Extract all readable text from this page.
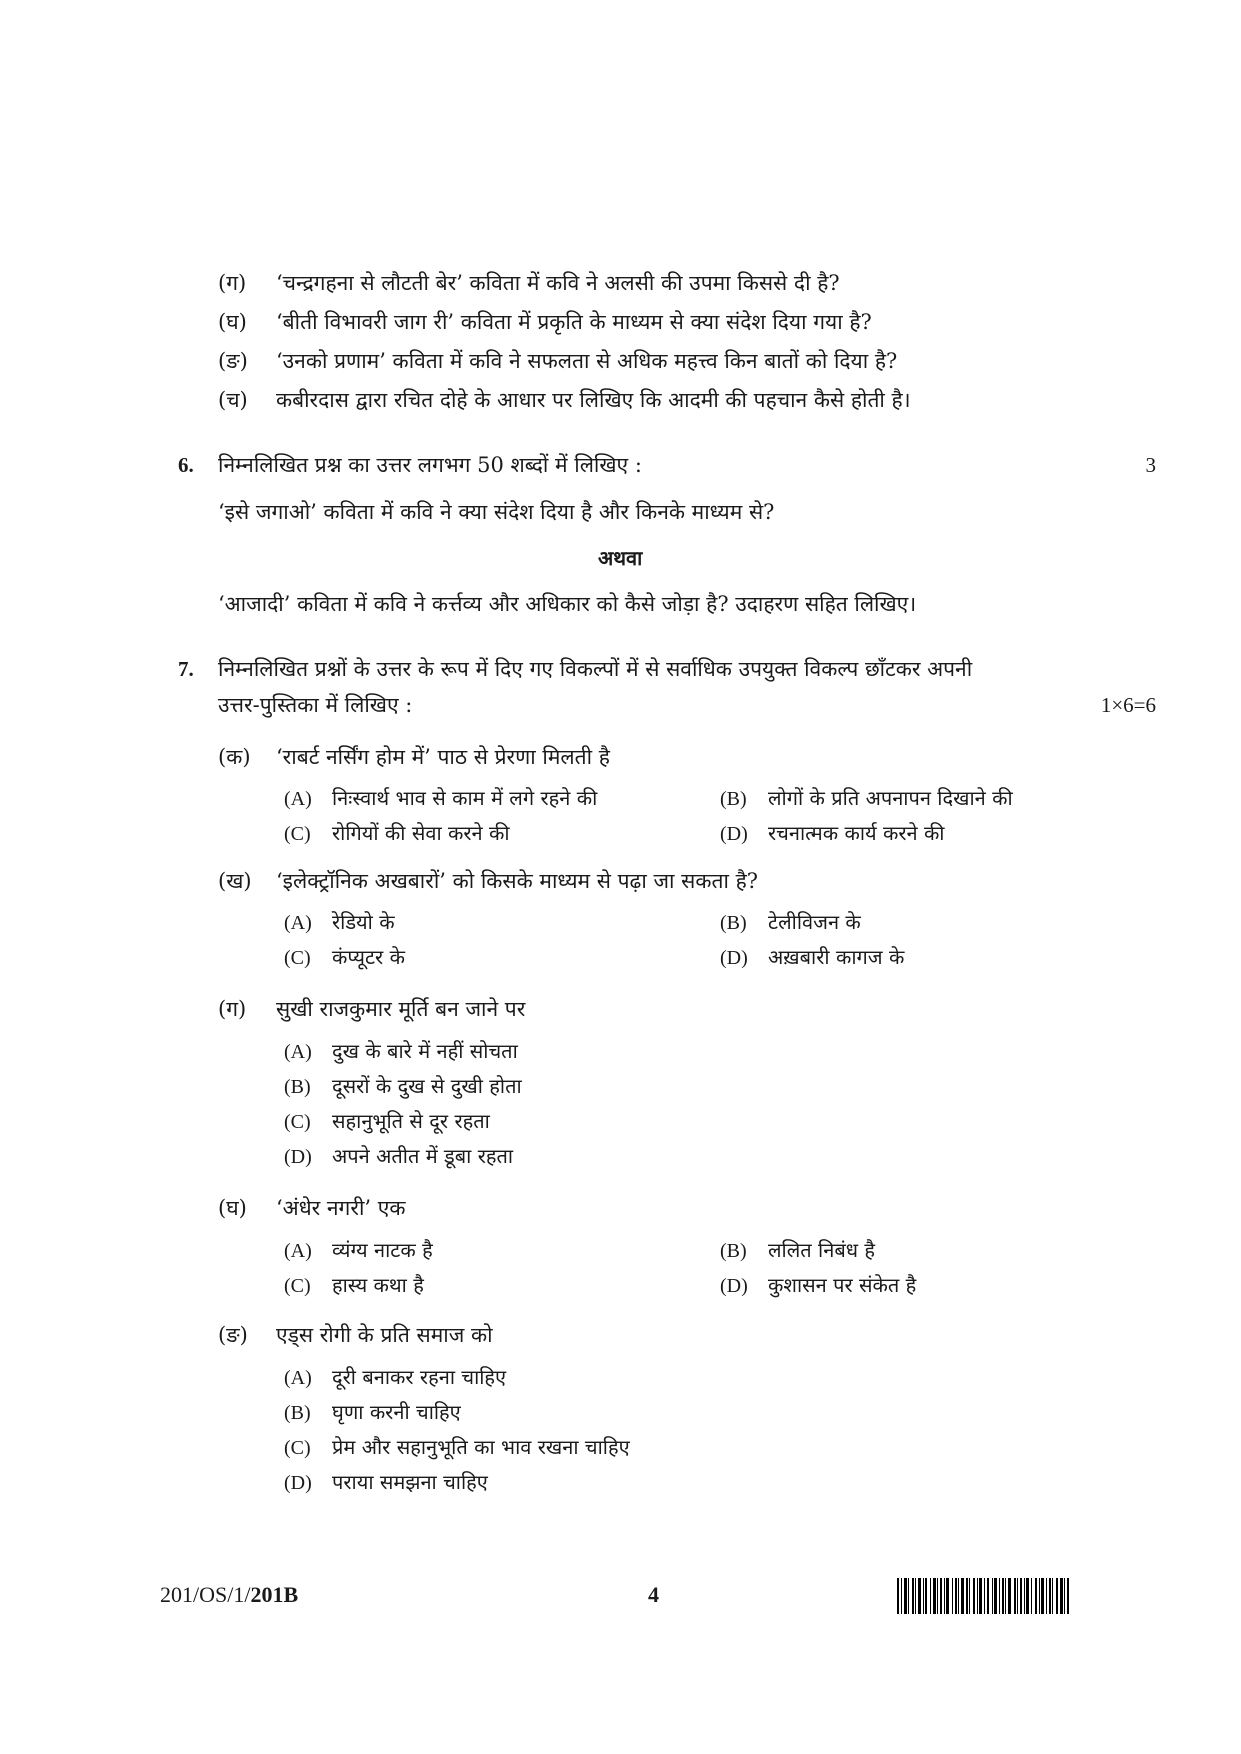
(ग) ‘चन्द्रगहना से लौटती बेर’ कविता में कवि ने अलसी की उपमा किससे दी है?
(घ) ‘बीती विभावरी जाग री’ कविता में प्रकृति के माध्यम से क्या संदेश दिया गया है?
(ङ) ‘उनको प्रणाम’ कविता में कवि ने सफलता से अधिक महत्त्व किन बातों को दिया है?
(च) कबीरदास द्वारा रचित दोहे के आधार पर लिखिए कि आदमी की पहचान कैसे होती है।
6. निम्नलिखित प्रश्न का उत्तर लगभग 50 शब्दों में लिखिए :	3
‘इसे जगाओ’ कविता में कवि ने क्या संदेश दिया है और किनके माध्यम से?
अथवा
‘आजादी’ कविता में कवि ने कर्त्तव्य और अधिकार को कैसे जोड़ा है? उदाहरण सहित लिखिए।
7. निम्नलिखित प्रश्नों के उत्तर के रूप में दिए गए विकल्पों में से सर्वाधिक उपयुक्त विकल्प छाँटकर अपनी
उत्तर-पुस्तिका में लिखिए :	1×6=6
(क) ‘राबर्ट नर्सिंग होम में’ पाठ से प्रेरणा मिलती है
(A) निःस्वार्थ भाव से काम में लगे रहने की	(B) लोगों के प्रति अपनापन दिखाने की
(C) रोगियों की सेवा करने की	(D) रचनात्मक कार्य करने की
(ख) ‘इलेक्ट्रॉनिक अखबारों’ को किसके माध्यम से पढ़ा जा सकता है?
(A) रेडियो के	(B) टेलीविजन के
(C) कंप्यूटर के	(D) अख़बारी कागज के
(ग) सुखी राजकुमार मूर्ति बन जाने पर
(A) दुख के बारे में नहीं सोचता
(B) दूसरों के दुख से दुखी होता
(C) सहानुभूति से दूर रहता
(D) अपने अतीत में डूबा रहता
(घ) ‘अंधेर नगरी’ एक
(A) व्यंग्य नाटक है	(B) ललित निबंध है
(C) हास्य कथा है	(D) कुशासन पर संकेत है
(ङ) एड्स रोगी के प्रति समाज को
(A) दूरी बनाकर रहना चाहिए
(B) घृणा करनी चाहिए
(C) प्रेम और सहानुभूति का भाव रखना चाहिए
(D) पराया समझना चाहिए
201/OS/1/201B	4
